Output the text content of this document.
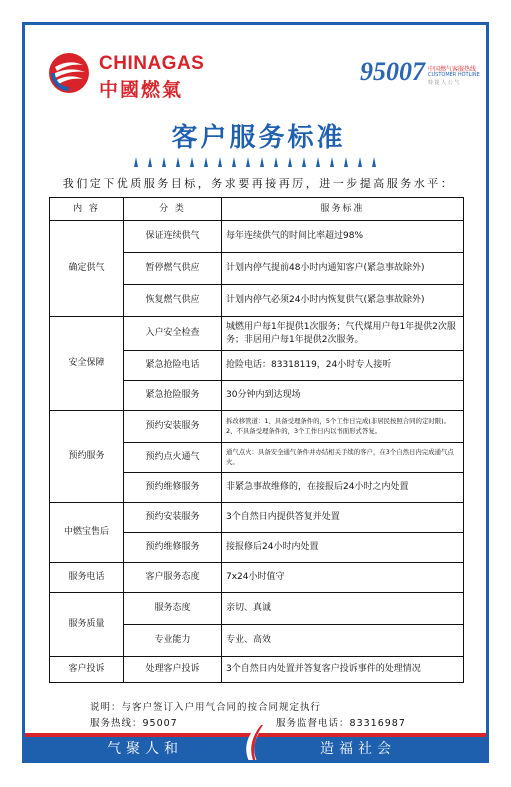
CHINAGAS
中國燃氣
95007 中国燃气客服热线
CUSTOMER HOTLINE
特 提 人 公 气
客户服务标准
我们定下优质服务目标，务求要再接再厉，进一步提高服务水平：
内 容	分 类	服务标准
确定供气	保证连续供气	每年连续供气的时间比率超过98%
	暂停燃气供应	计划内停气提前48小时内通知客户(紧急事故除外)
	恢复燃气供应	计划内停气必须24小时内恢复供气(紧急事故除外)
安全保障	入户安全检查	城燃用户每1年提供1次服务；气代煤用户每1年提供2次服务；非居用户每1年提供2次服务。
	紧急抢险电话	抢险电话：83318119，24小时专人接听
	紧急抢险服务	30分钟内到达现场
预约服务	预约安装服务	拆改移管道：1、具备受理条件的，5个工作日完成(非居民按照合同的定时限)。2、不具备受理条件的，3个工作日内以书面形式答复。
	预约点火通气	通气点火：具备安全通气条件并办结相关手续的客户，在3个自然日内完成通气点火。
	预约维修服务	非紧急事故维修的，在接报后24小时之内处置
中燃宝售后	预约安装服务	3个自然日内提供答复并处置
	预约维修服务	接报修后24小时内处置
服务电话	客户服务态度	7x24小时值守
服务质量	服务态度	亲切、真诚
	专业能力	专业、高效
客户投诉	处理客户投诉	3个自然日内处置并答复客户投诉事件的处理情况
说明：与客户签订入户用气合同的按合同规定执行
服务热线：95007	服务监督电话：83316987
气聚人和	造福社会
